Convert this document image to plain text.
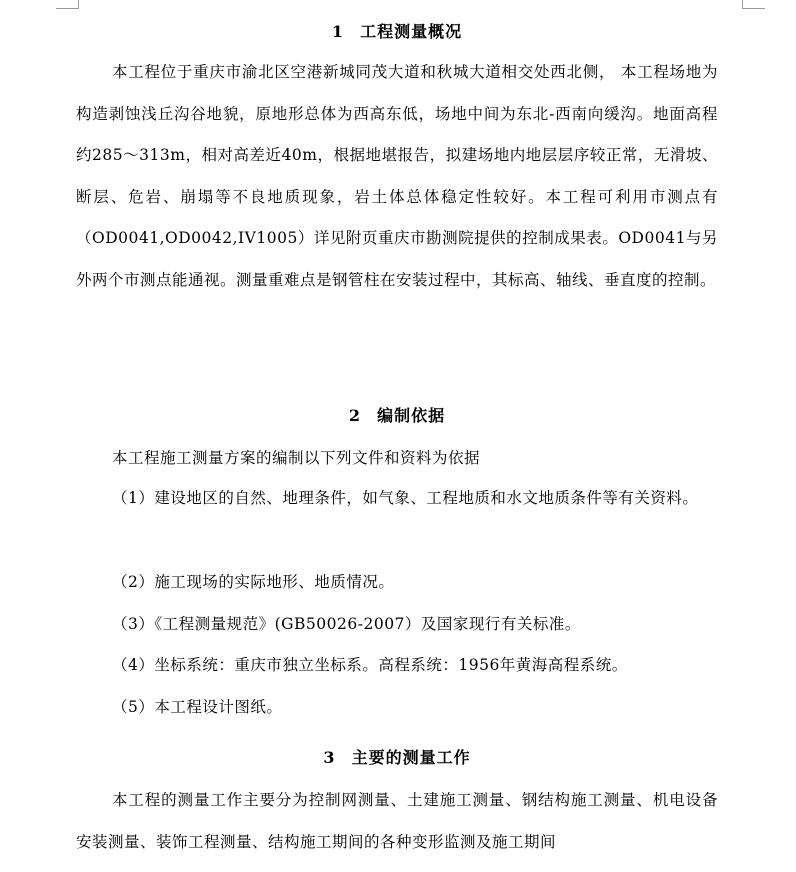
1 工程测量概况

本工程位于重庆市渝北区空港新城同茂大道和秋城大道相交处西北侧， 本工程场地为构造剥蚀浅丘沟谷地貌，原地形总体为西高东低，场地中间为东北-西南向缓沟。地面高程约285～313m，相对高差近40m，根据地堪报告，拟建场地内地层层序较正常，无滑坡、断层、危岩、崩塌等不良地质现象，岩土体总体稳定性较好。本工程可利用市测点有（OD0041,OD0042,IV1005）详见附页重庆市勘测院提供的控制成果表。OD0041与另外两个市测点能通视。测量重难点是钢管柱在安装过程中，其标高、轴线、垂直度的控制。

2 编制依据
本工程施工测量方案的编制以下列文件和资料为依据

（1）建设地区的自然、地理条件，如气象、工程地质和水文地质条件等有关资料。

（2）施工现场的实际地形、地质情况。
（3）《工程测量规范》(GB50026-2007）及国家现行有关标准。
（4）坐标系统：重庆市独立坐标系。高程系统：1956年黄海高程系统。
（5）本工程设计图纸。
3 主要的测量工作

本工程的测量工作主要分为控制网测量、土建施工测量、钢结构施工测量、机电设备安装测量、装饰工程测量、结构施工期间的各种变形监测及施工期间
